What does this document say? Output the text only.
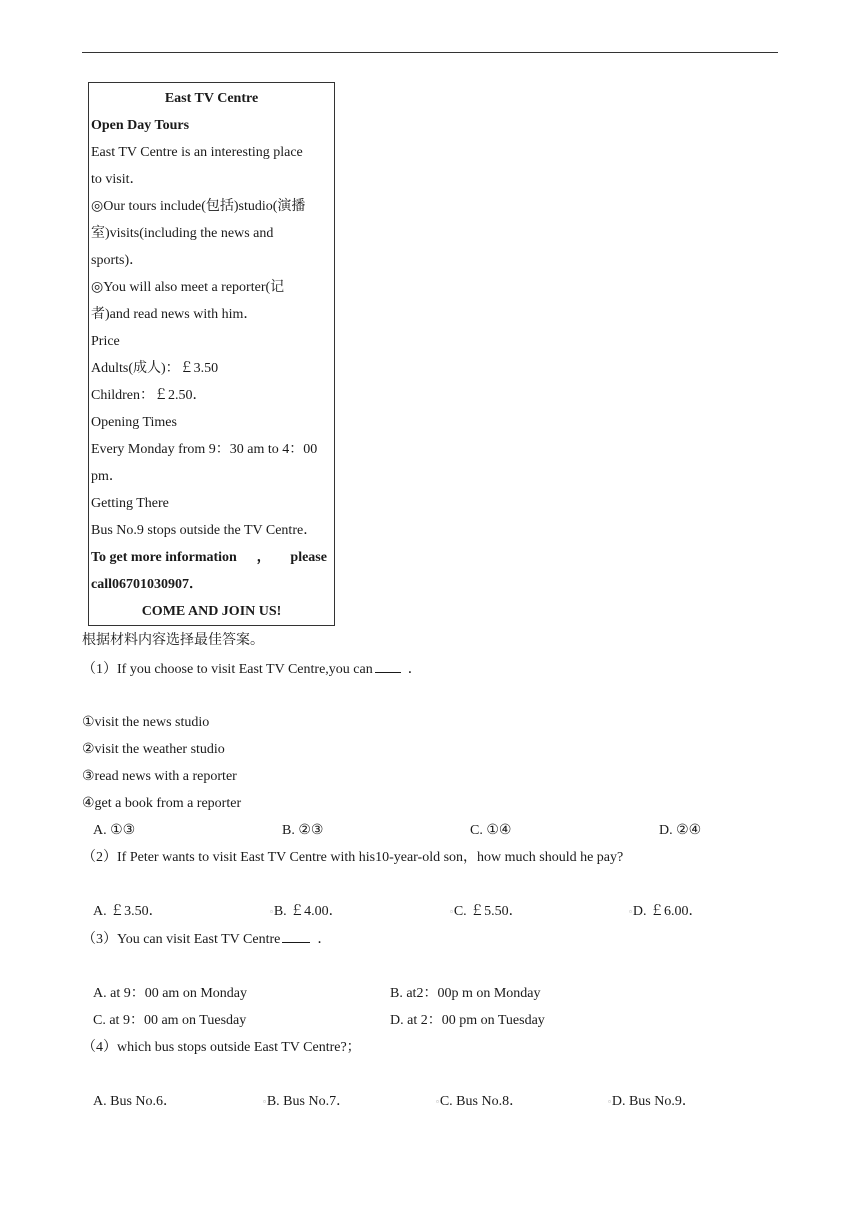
East TV Centre
Open Day Tours
East TV Centre is an interesting place
to visit．
◎Our tours include(包括)studio(演播
室)visits(including the news and
sports)．
◎You will also meet a reporter(记
者)and read news with him．
Price
Adults(成人)：￡3.50
Children：￡2.50．
Opening Times
Every Monday from 9：30 am to 4：00
pm．
Getting There
Bus No.9 stops outside the TV Centre．
To get more information ， please
call06701030907．
COME AND JOIN US!
根据材料内容选择最佳答案。
（1）If you choose to visit East TV Centre,you can	．
①visit the news studio
②visit the weather studio
③read news with a reporter
④get a book from a reporter
A. ①③	B. ②③	C. ①④	D. ②④
（2）If Peter wants to visit East TV Centre with his10-year-old son，how much should he pay?
A. ￡3.50．	▫B. ￡4.00．	▫C. ￡5.50．	▫D. ￡6.00．
（3）You can visit East TV Centre	．
A. at 9：00 am on Monday	B. at2：00p m on Monday
C. at 9：00 am on Tuesday	D. at 2：00 pm on Tuesday
（4）which bus stops outside East TV Centre?；
A. Bus No.6．	▫B. Bus No.7．	▫C. Bus No.8．	▫D. Bus No.9．
